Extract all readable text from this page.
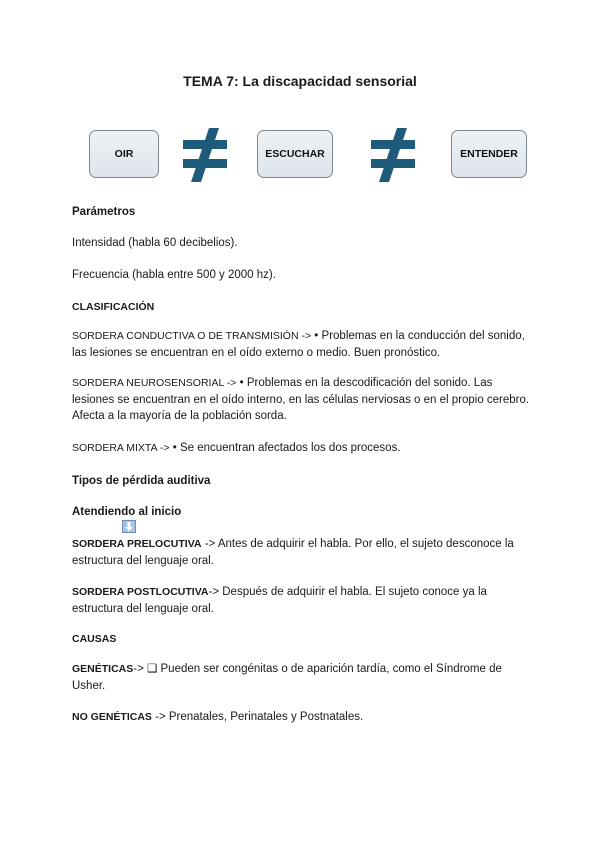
TEMA 7: La discapacidad sensorial
OIR	ESCUCHAR	ENTENDER
Parámetros
Intensidad (habla 60 decibelios).
Frecuencia (habla entre 500 y 2000 hz).
CLASIFICACIÓN
SORDERA CONDUCTIVA O DE TRANSMISIÓN -> • Problemas en la conducción del sonido, las lesiones se encuentran en el oído externo o medio. Buen pronóstico.
SORDERA NEUROSENSORIAL -> • Problemas en la descodificación del sonido. Las lesiones se encuentran en el oído interno, en las células nerviosas o en el propio cerebro. Afecta a la mayoría de la población sorda.
SORDERA MIXTA -> • Se encuentran afectados los dos procesos.
Tipos de pérdida auditiva
Atendiendo al inicio
SORDERA PRELOCUTIVA -> Antes de adquirir el habla. Por ello, el sujeto desconoce la estructura del lenguaje oral.
SORDERA POSTLOCUTIVA-> Después de adquirir el habla. El sujeto conoce ya la estructura del lenguaje oral.
CAUSAS
GENÉTICAS-> ❑ Pueden ser congénitas o de aparición tardía, como el Síndrome de Usher.
NO GENÉTICAS -> Prenatales, Perinatales y Postnatales.
